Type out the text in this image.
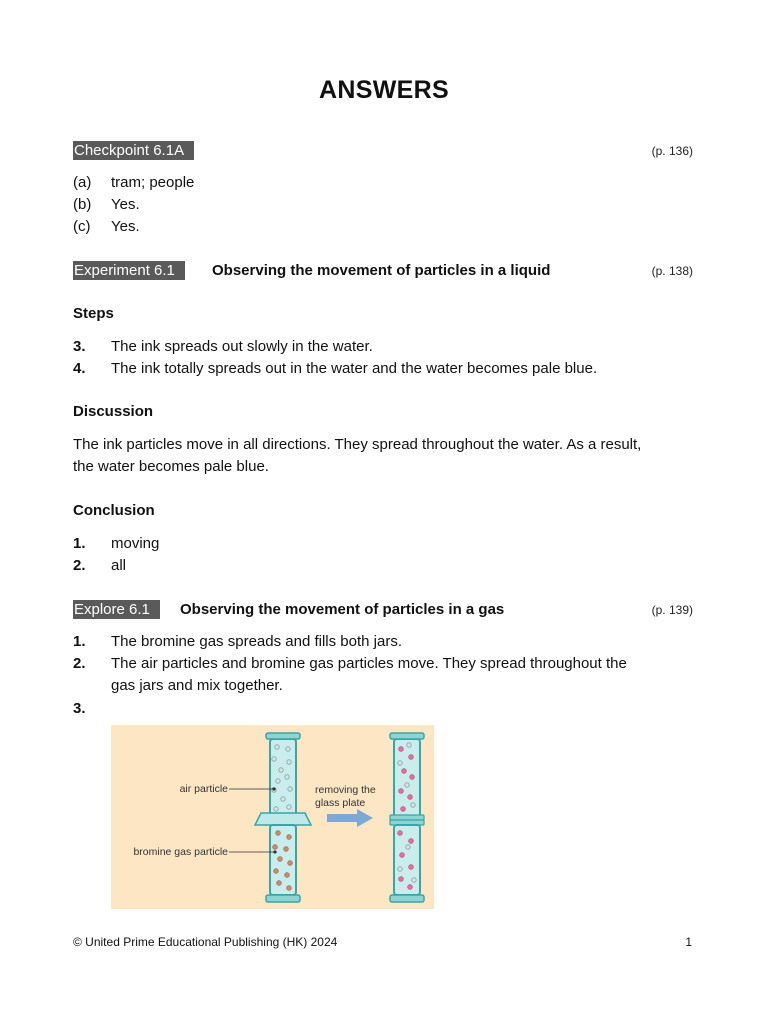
ANSWERS
Checkpoint 6.1A	(p. 136)
(a) tram; people
(b) Yes.
(c) Yes.
Experiment 6.1	Observing the movement of particles in a liquid	(p. 138)
Steps
3. The ink spreads out slowly in the water.
4. The ink totally spreads out in the water and the water becomes pale blue.
Discussion
The ink particles move in all directions. They spread throughout the water. As a result,
the water becomes pale blue.
Conclusion
1. moving
2. all
Explore 6.1	Observing the movement of particles in a gas	(p. 139)
1. The bromine gas spreads and fills both jars.
2. The air particles and bromine gas particles move. They spread throughout the
gas jars and mix together.
3.
air particle
bromine gas particle
removing the
glass plate
© United Prime Educational Publishing (HK) 2024	1
